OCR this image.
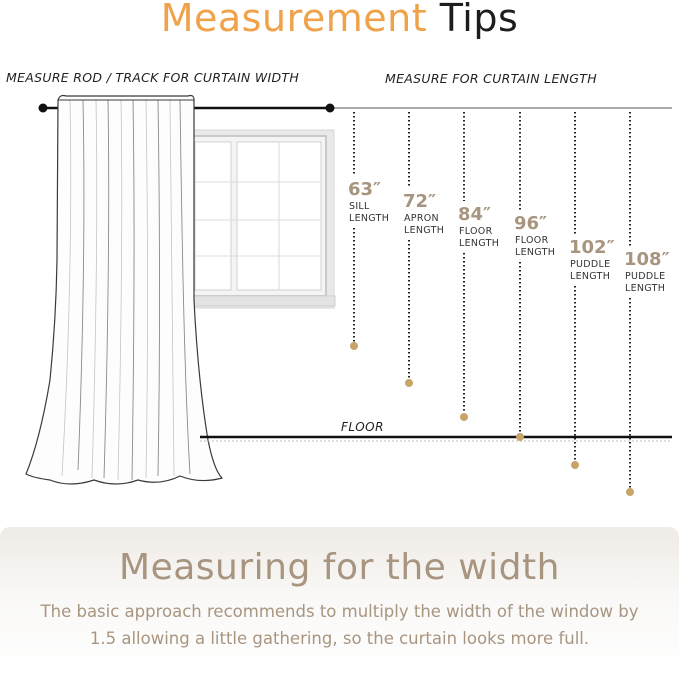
Measurement Tips
MEASURE ROD / TRACK FOR CURTAIN WIDTH	MEASURE FOR CURTAIN LENGTH
63″
SILL
LENGTH
72″
APRON
LENGTH
84″
FLOOR
LENGTH
96″
FLOOR
LENGTH 102″
PUDDLE
LENGTH
108″
PUDDLE
LENGTH
FLOOR
Measuring for the width
The basic approach recommends to multiply the width of the window by 1.5 allowing a little gathering, so the curtain looks more full.
